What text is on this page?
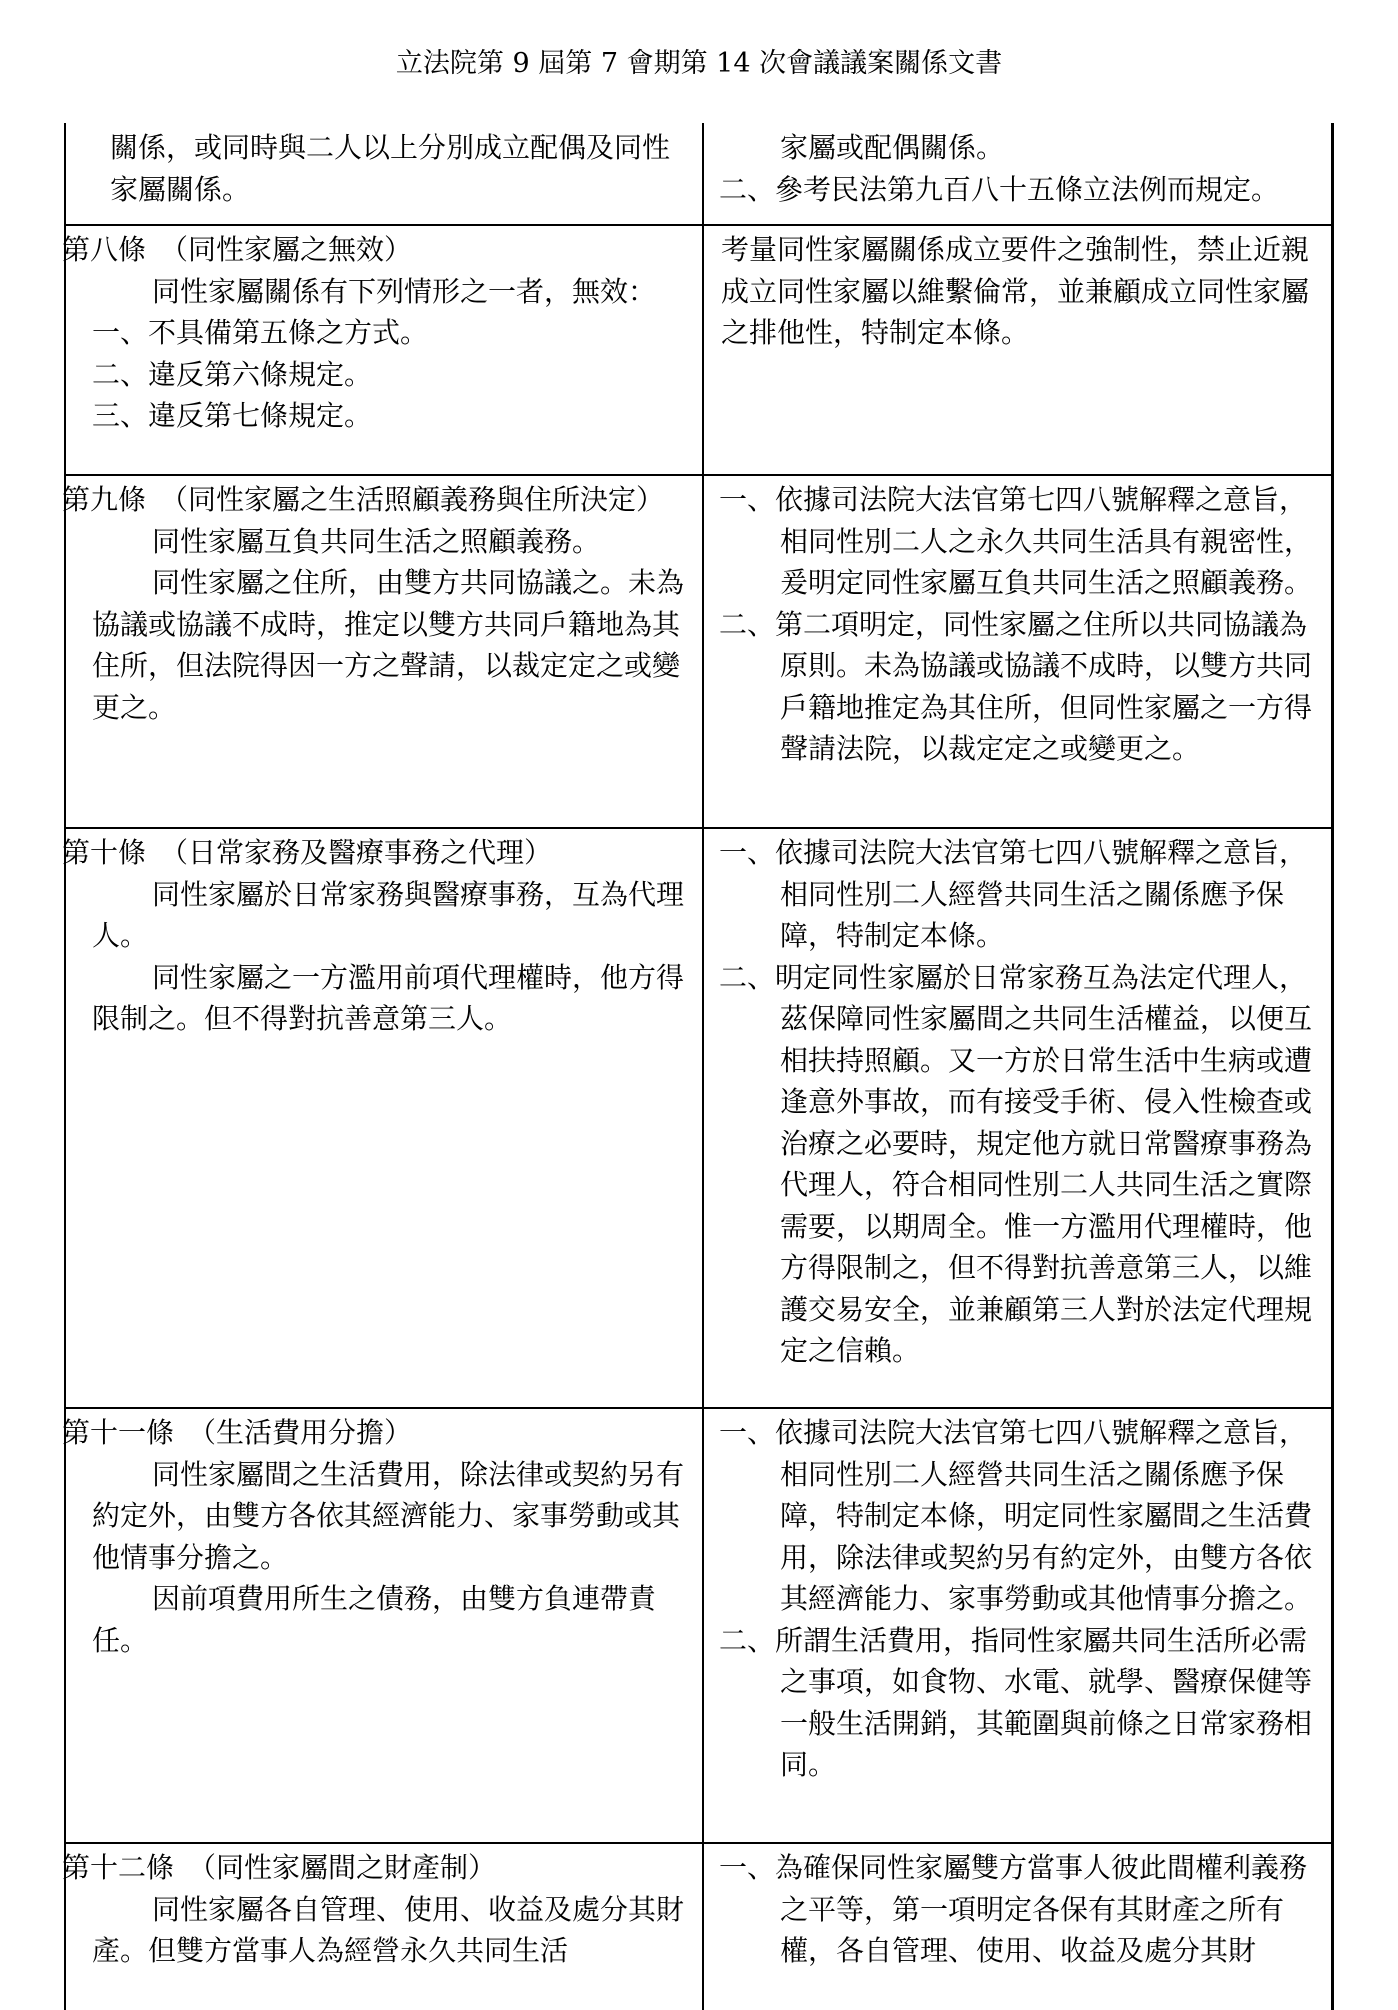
立法院第 9 屆第 7 會期第 14 次會議議案關係文書
關係，或同時與二人以上分別成立配偶及同性家屬關係。
家屬或配偶關係。
二、參考民法第九百八十五條立法例而規定。
第八條　（同性家屬之無效）
同性家屬關係有下列情形之一者，無效：
一、不具備第五條之方式。
二、違反第六條規定。
三、違反第七條規定。
考量同性家屬關係成立要件之強制性，禁止近親成立同性家屬以維繫倫常，並兼顧成立同性家屬之排他性，特制定本條。
第九條　（同性家屬之生活照顧義務與住所決定）
同性家屬互負共同生活之照顧義務。
同性家屬之住所，由雙方共同協議之。未為協議或協議不成時，推定以雙方共同戶籍地為其住所，但法院得因一方之聲請，以裁定定之或變更之。
一、依據司法院大法官第七四八號解釋之意旨，相同性別二人之永久共同生活具有親密性，爰明定同性家屬互負共同生活之照顧義務。
二、第二項明定，同性家屬之住所以共同協議為原則。未為協議或協議不成時，以雙方共同戶籍地推定為其住所，但同性家屬之一方得聲請法院，以裁定定之或變更之。
第十條　（日常家務及醫療事務之代理）
同性家屬於日常家務與醫療事務，互為代理人。
同性家屬之一方濫用前項代理權時，他方得限制之。但不得對抗善意第三人。
一、依據司法院大法官第七四八號解釋之意旨，相同性別二人經營共同生活之關係應予保障，特制定本條。
二、明定同性家屬於日常家務互為法定代理人，茲保障同性家屬間之共同生活權益，以便互相扶持照顧。又一方於日常生活中生病或遭逢意外事故，而有接受手術、侵入性檢查或治療之必要時，規定他方就日常醫療事務為代理人，符合相同性別二人共同生活之實際需要，以期周全。惟一方濫用代理權時，他方得限制之，但不得對抗善意第三人，以維護交易安全，並兼顧第三人對於法定代理規定之信賴。
第十一條　（生活費用分擔）
同性家屬間之生活費用，除法律或契約另有約定外，由雙方各依其經濟能力、家事勞動或其他情事分擔之。
因前項費用所生之債務，由雙方負連帶責任。
一、依據司法院大法官第七四八號解釋之意旨，相同性別二人經營共同生活之關係應予保障，特制定本條，明定同性家屬間之生活費用，除法律或契約另有約定外，由雙方各依其經濟能力、家事勞動或其他情事分擔之。
二、所謂生活費用，指同性家屬共同生活所必需之事項，如食物、水電、就學、醫療保健等一般生活開銷，其範圍與前條之日常家務相同。
第十二條　（同性家屬間之財產制）
同性家屬各自管理、使用、收益及處分其財產。但雙方當事人為經營永久共同生活
一、為確保同性家屬雙方當事人彼此間權利義務之平等，第一項明定各保有其財產之所有權，各自管理、使用、收益及處分其財
